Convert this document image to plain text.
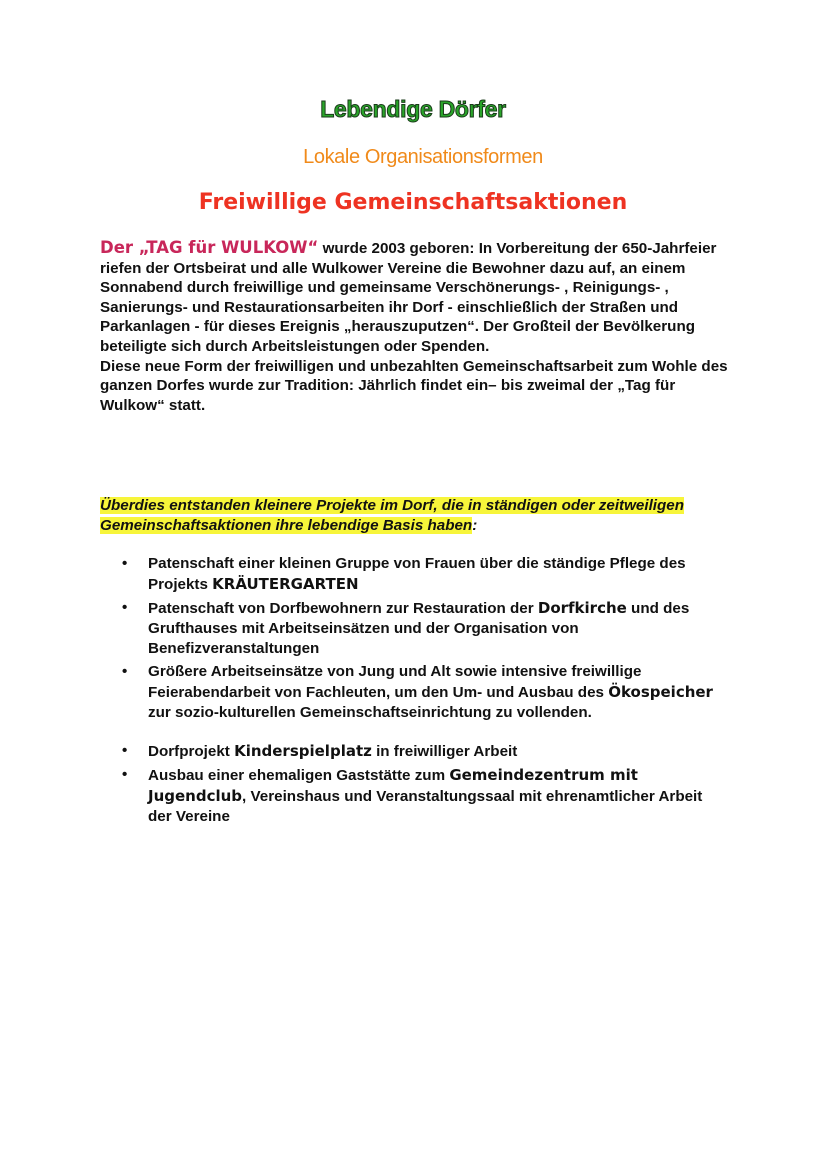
Lebendige Dörfer
Lokale Organisationsformen
Freiwillige Gemeinschaftsaktionen

Der „TAG für WULKOW“ wurde 2003 geboren: In Vorbereitung der 650-Jahrfeier riefen der Ortsbeirat und alle Wulkower Vereine die Bewohner dazu auf, an einem Sonnabend durch freiwillige und gemeinsame Verschönerungs- , Reinigungs- , Sanierungs- und Restaurationsarbeiten ihr Dorf - einschließlich der Straßen und Parkanlagen - für dieses Ereignis „herauszuputzen“. Der Großteil der Bevölkerung beteiligte sich durch Arbeitsleistungen oder Spenden.

Diese neue Form der freiwilligen und unbezahlten Gemeinschaftsarbeit zum Wohle des ganzen Dorfes wurde zur Tradition: Jährlich findet ein– bis zweimal der „Tag für Wulkow“ statt.

Überdies entstanden kleinere Projekte im Dorf, die in ständigen oder zeitweiligen Gemeinschaftsaktionen ihre lebendige Basis haben:
• Patenschaft einer kleinen Gruppe von Frauen über die ständige Pflege des Projekts KRÄUTERGARTEN
• Patenschaft von Dorfbewohnern zur Restauration der Dorfkirche und des Grufthauses mit Arbeitseinsätzen und der Organisation von Benefizveranstaltungen
• Größere Arbeitseinsätze von Jung und Alt sowie intensive freiwillige Feierabendarbeit von Fachleuten, um den Um- und Ausbau des Ökospeicher zur sozio-kulturellen Gemeinschaftseinrichtung zu vollenden.
• Dorfprojekt Kinderspielplatz in freiwilliger Arbeit
• Ausbau einer ehemaligen Gaststätte zum Gemeindezentrum mit Jugendclub, Vereinshaus und Veranstaltungssaal mit ehrenamtlicher Arbeit der Vereine
